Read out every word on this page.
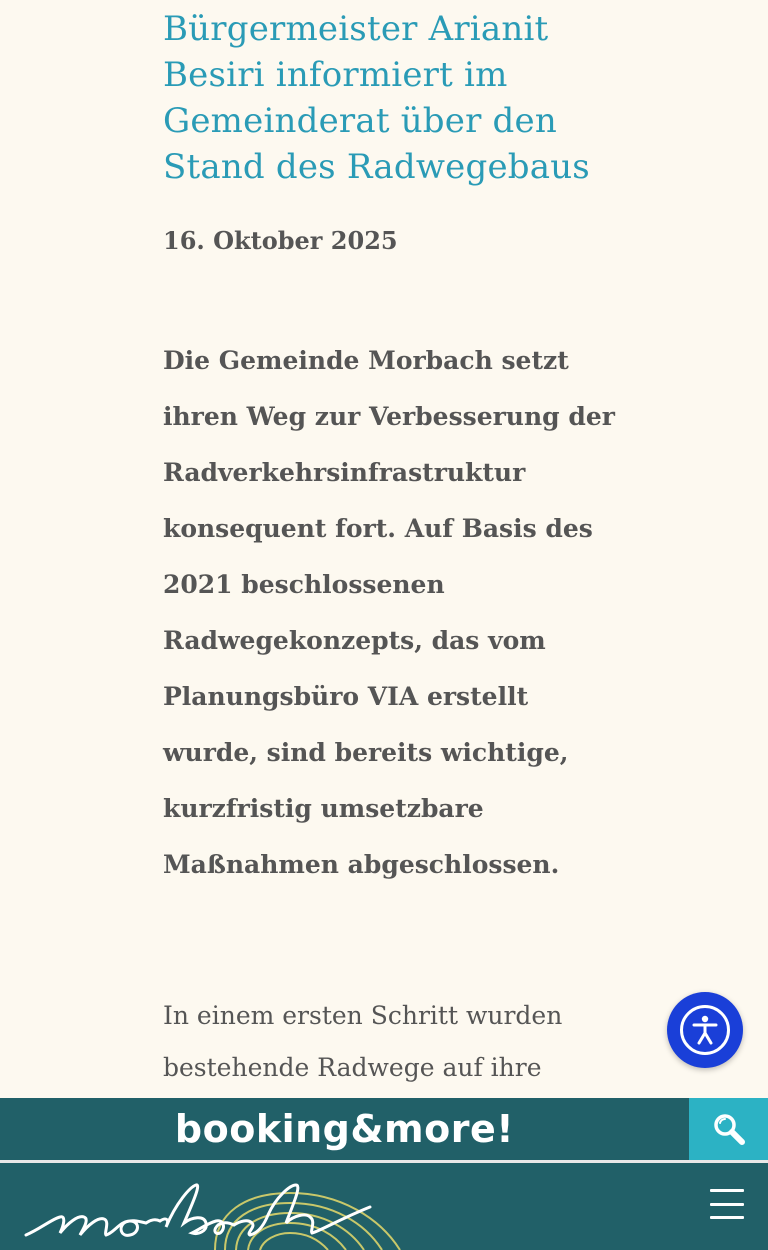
Bürgermeister Arianit Besiri informiert im Gemeinderat über den Stand des Radwegebaus

16. Oktober 2025

Die Gemeinde Morbach setzt
ihren Weg zur Verbesserung der
Radverkehrsinfrastruktur
konsequent fort. Auf Basis des
2021 beschlossenen
Radwegekonzepts, das vom
Planungsbüro VIA erstellt
wurde, sind bereits wichtige,
kurzfristig umsetzbare
Maßnahmen abgeschlossen.

In einem ersten Schritt wurden
bestehende Radwege auf ihre

booking&more!
morbach
